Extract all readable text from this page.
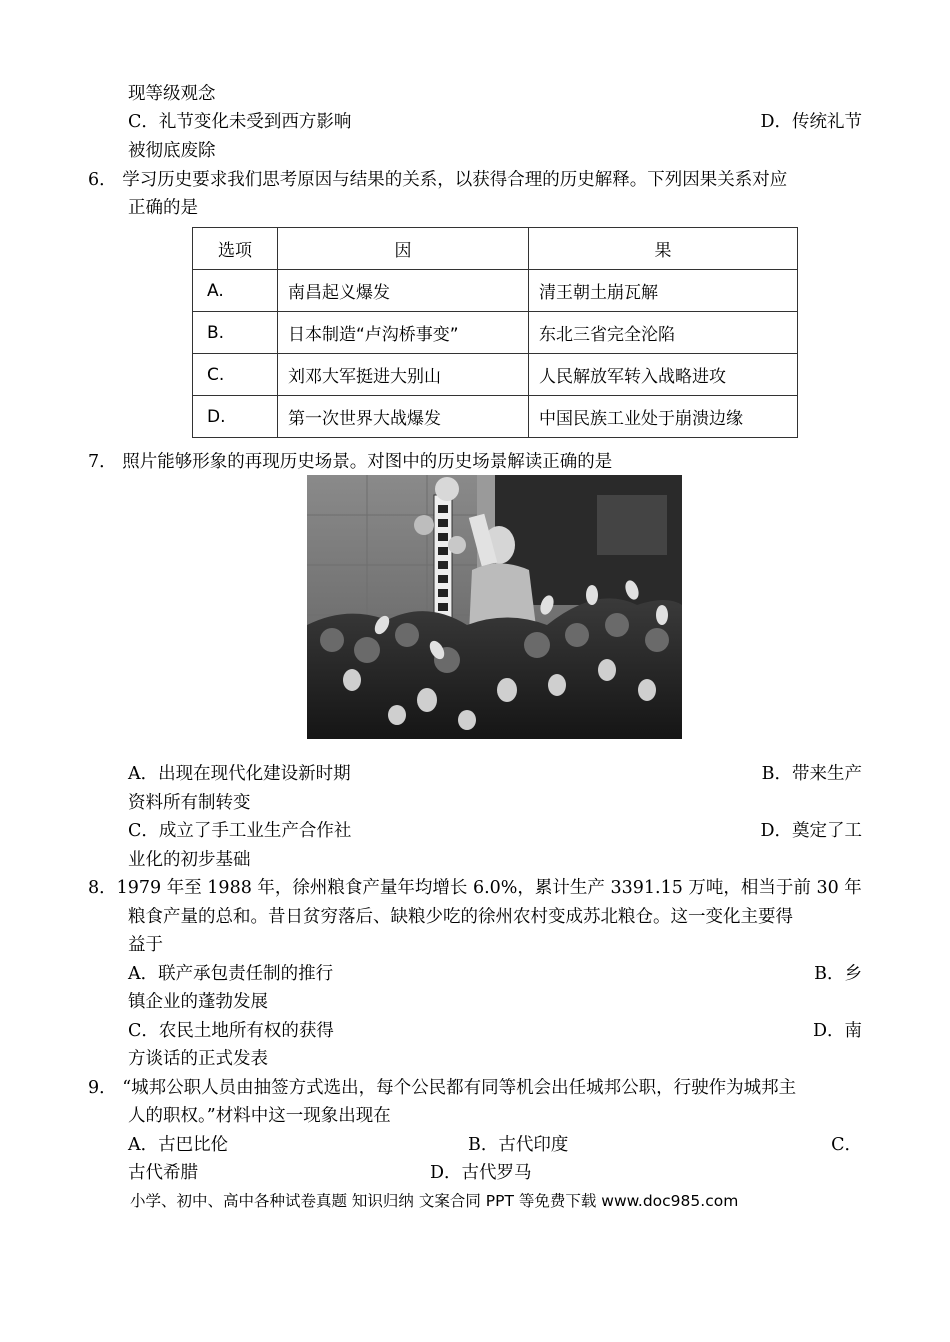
现等级观念
C．礼节变化未受到西方影响	D．传统礼节
被彻底废除
6． 学习历史要求我们思考原因与结果的关系，以获得合理的历史解释。下列因果关系对应
正确的是
选项	因	果
A.	南昌起义爆发	清王朝土崩瓦解
B.	日本制造“卢沟桥事变”	东北三省完全沦陷
C.	刘邓大军挺进大别山	人民解放军转入战略进攻
D.	第一次世界大战爆发	中国民族工业处于崩溃边缘
7． 照片能够形象的再现历史场景。对图中的历史场景解读正确的是
A．出现在现代化建设新时期	B．带来生产
资料所有制转变
C．成立了手工业生产合作社	D．奠定了工
业化的初步基础
8．1979 年至 1988 年，徐州粮食产量年均增长 6.0%，累计生产 3391.15 万吨，相当于前 30 年
粮食产量的总和。昔日贫穷落后、缺粮少吃的徐州农村变成苏北粮仓。这一变化主要得
益于
A．联产承包责任制的推行	B．乡
镇企业的蓬勃发展
C．农民土地所有权的获得	D．南
方谈话的正式发表
9． “城邦公职人员由抽签方式选出，每个公民都有同等机会出任城邦公职，行驶作为城邦主
人的职权。”材料中这一现象出现在
A．古巴比伦	B．古代印度	C．
古代希腊	D．古代罗马
小学、初中、高中各种试卷真题 知识归纳 文案合同 PPT 等免费下载 www.doc985.com
